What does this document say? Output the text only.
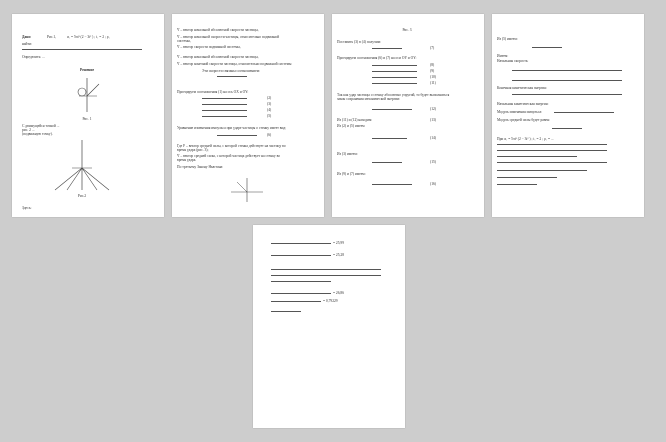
Дано:	Рис.1,	α₁ = 5πt³ (2 − 3t² ) ; t₁ = 2 ; ρ₁
найти:
Определить: ...
Решение
Рис. 1
С движущейся точкой ...
рис. 2 ...
(подвижную точку).
Рис.2
Здесь:
V̄ – вектор начальной абсолютной скорости частицы,
V̄ – вектор начальной скорости частицы, относительно подвижной
системы,
V̄ – вектор скорости подвижной системы,
V̄ – вектор начальной абсолютной скорости частицы,
V̄ – вектор конечной скорости частицы, относительно подвижной системы
Эти скорости связаны соотношением:
Проецируем соотношения (1) на ось ОX и ОY:
(2)
(3)
(4)
(5)
Уравнение изменения импульса при ударе частицы о стенку имеет вид:
(6)
Где F – вектор средней силы, с которой стенка действует на частицу во
время удара (рис. 3);
V̄ – вектор средней силы, с которой частица действует на стенку во
время удара.
По третьему Закону Ньютона:
Рис. 3
Поставить (3) в (4) получим:
(7)
Проецируем соотношения (6) и (7) на оси ОY и ОY:
(8)
(9)
(10)
(11)
Так как удар частицы о стенку абсолютно упругий, то будет выполняться
закон сохранения механической энергии:
(12)
Из (11) и (12) находим:	(13)
Из (2) и (5) имеем
(14)
Из (3) имеем:
(15)
Из (9) и (7) имеем:
(16)
Из (5) имеем:
Имеем:
Начальная скорость:
Конечная кинетическая энергия:
Начальная кинетическая энергия:
Модуль изменения импульса:
Модуль средней силы будет равен:
При α₁ = 5πt³ (2 − 3t² ) ; t₁ = 2 ; ρ₁ = ...
= 25,99
= 25,28
= 26,86
= 0,79229
